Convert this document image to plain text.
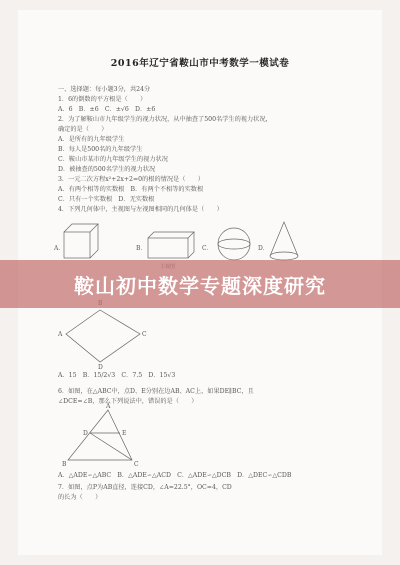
2016年辽宁省鞍山市中考数学一模试卷
一、选择题：每小题3分，共24分
1．6的倒数的平方根是（　　）
A．6　B．±6　C．±√6　D．±6
2．为了解鞍山市九年级学生的视力状况，从中抽查了500名学生的视力状况，
确定的是（　　）
A．是所有的九年级学生
B．每人是500名的九年级学生
C．鞍山市某市的九年级学生的视力状况
D．被抽查的500名学生的视力状况
3．一元二次方程x²+2x+2=0的根的情况是（　　）
A．有两个相等的实数根　B．有两个不相等的实数根
C．只有一个实数根　D．无实数根
4．下列几何体中，主视图与左视图相同的几何体是（　　）
A．	B．	C．	D．
A	C
D
A．15　B．15/2√3　C．7.5　D．15√3
6．如图，在△ABC中，点D、E分别在边AB、AC上，如果DE∥BC，且
∠DCE=∠B，那么下列说法中，错误的是（　　）
A
D	E
B	C
A．△ADE∽△ABC　B．△ADE∽△ACD　C．△ADE∽△DCB　D．△DEC∽△CDB
7．如图，点P为AB直径，连接CD，∠A=22.5°，OC=4，CD
的长为（　　）
鞍山初中数学专题深度研究
